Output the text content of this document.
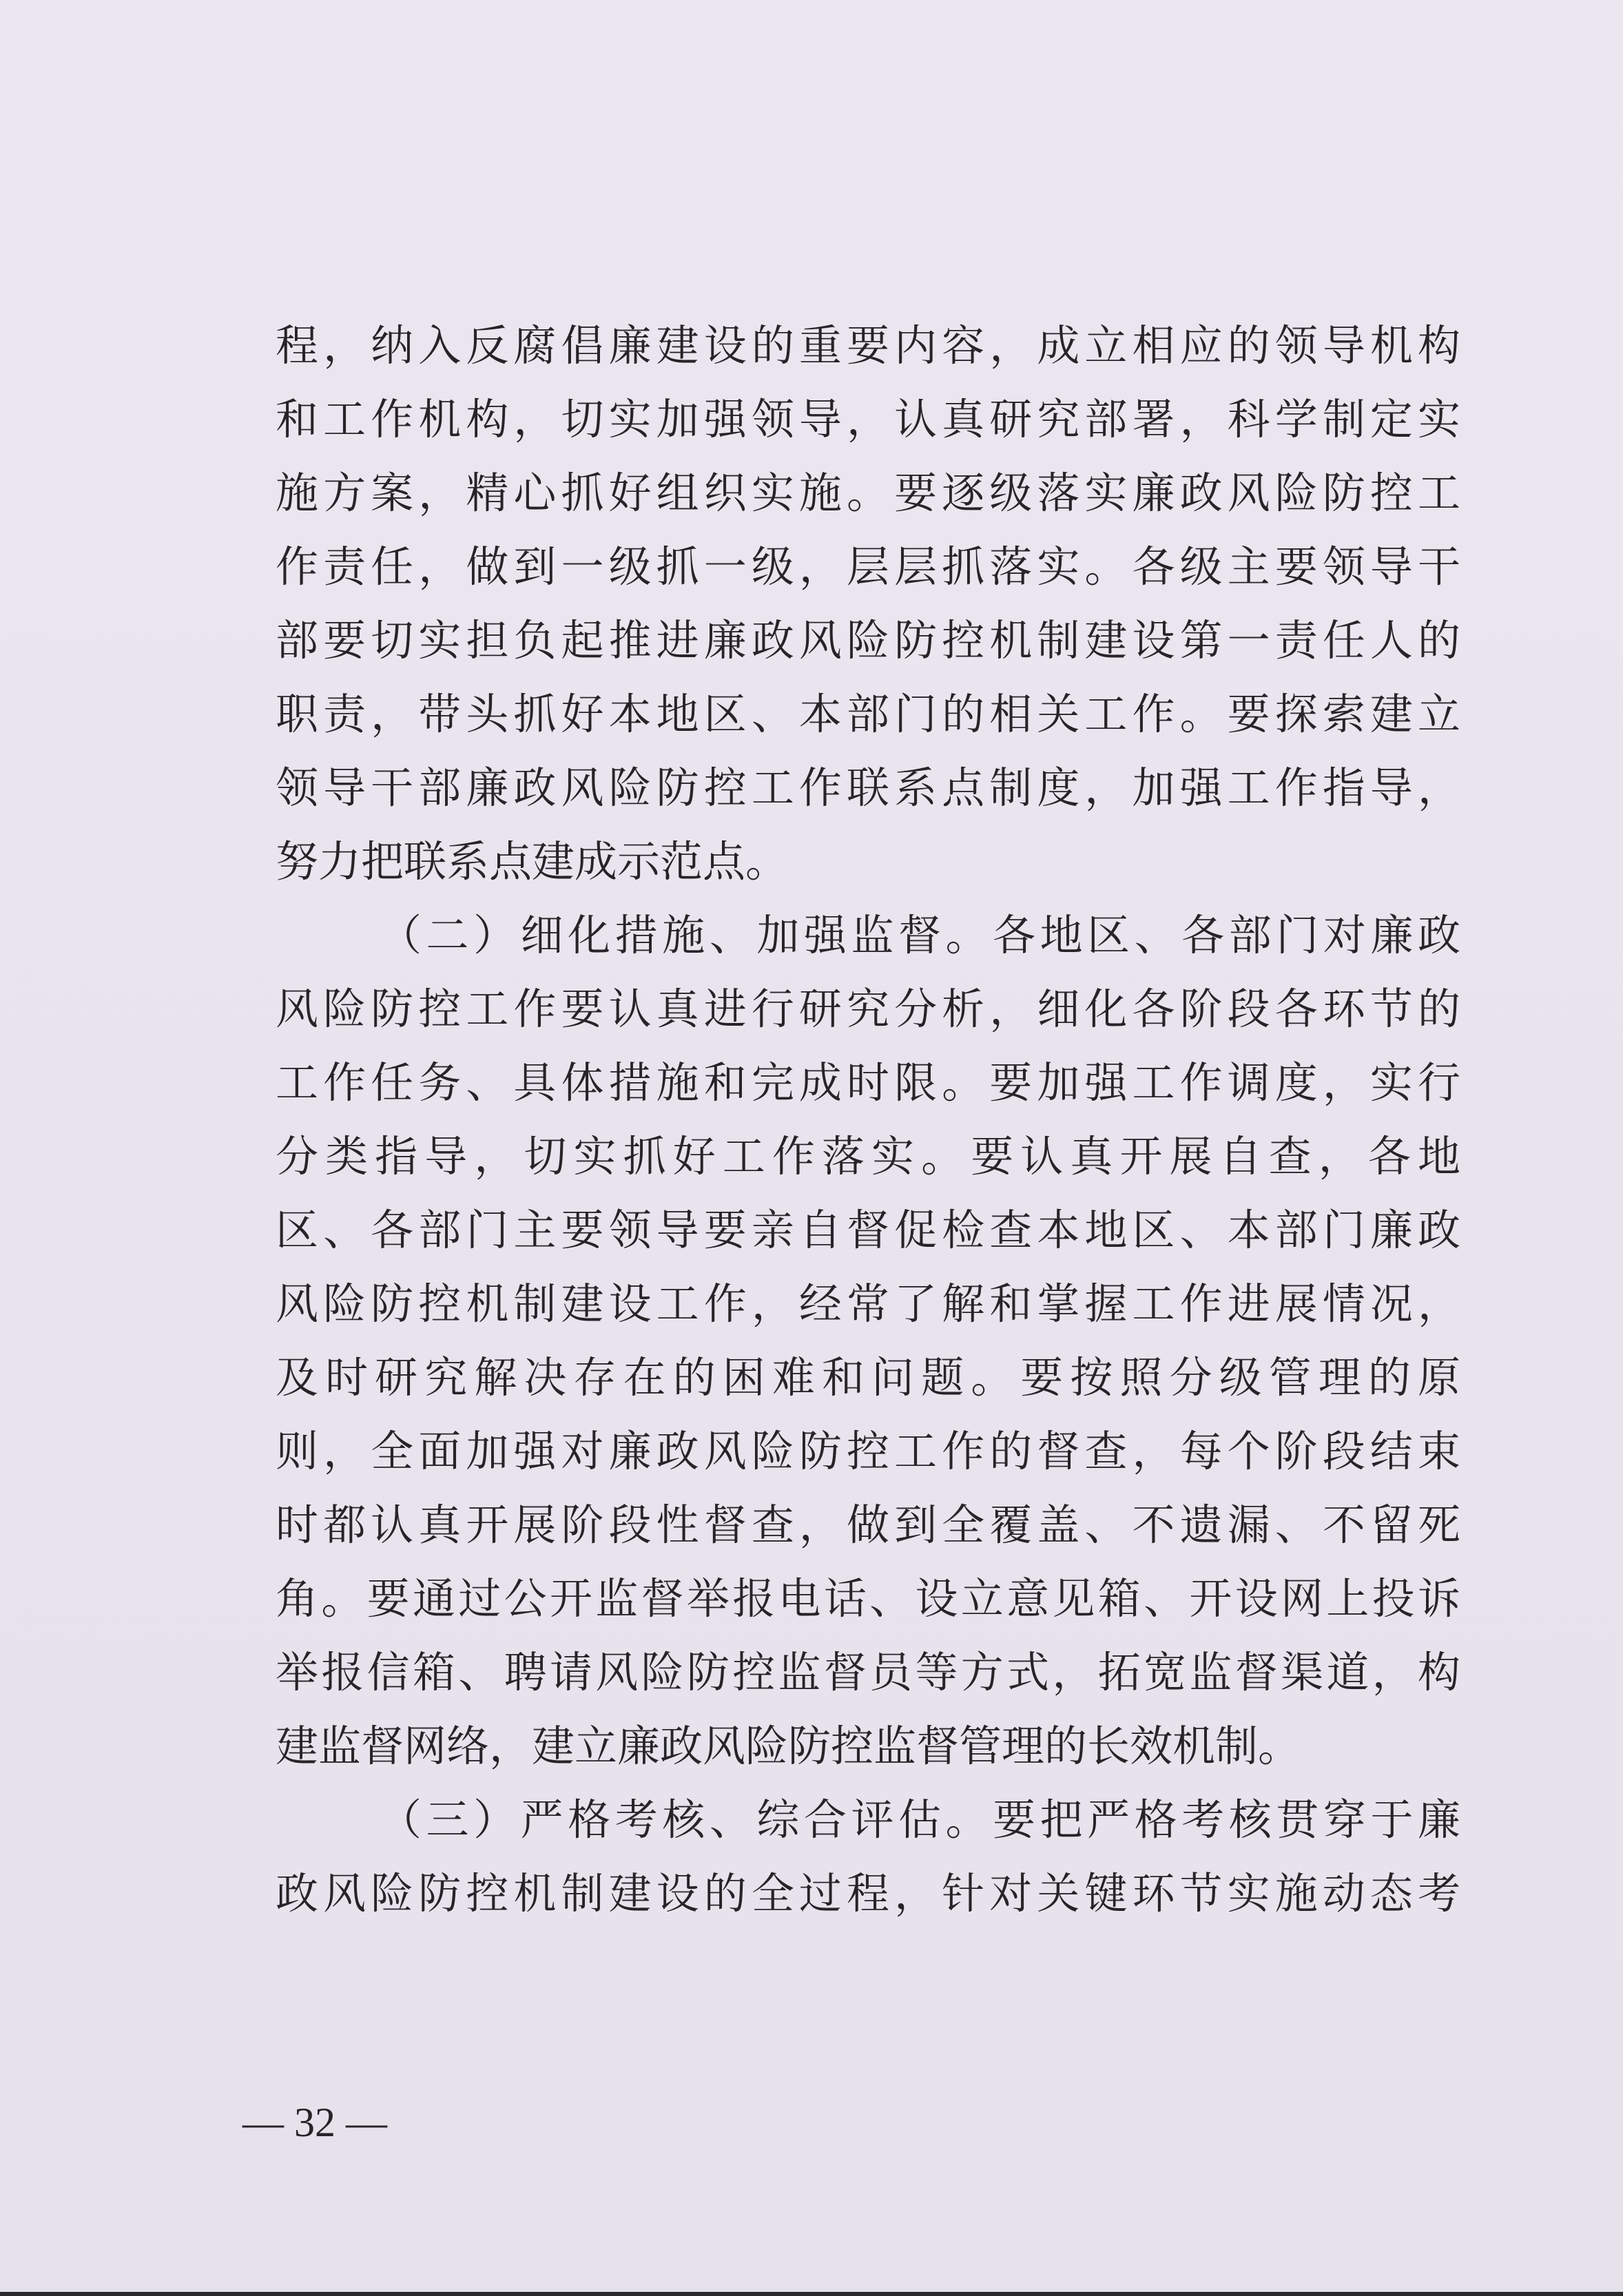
程，纳入反腐倡廉建设的重要内容，成立相应的领导机构
和工作机构，切实加强领导，认真研究部署，科学制定实
施方案，精心抓好组织实施。要逐级落实廉政风险防控工
作责任，做到一级抓一级，层层抓落实。各级主要领导干
部要切实担负起推进廉政风险防控机制建设第一责任人的
职责，带头抓好本地区、本部门的相关工作。要探索建立
领导干部廉政风险防控工作联系点制度，加强工作指导，
努力把联系点建成示范点。
（二）细化措施、加强监督。各地区、各部门对廉政
风险防控工作要认真进行研究分析，细化各阶段各环节的
工作任务、具体措施和完成时限。要加强工作调度，实行
分类指导，切实抓好工作落实。要认真开展自查，各地
区、各部门主要领导要亲自督促检查本地区、本部门廉政
风险防控机制建设工作，经常了解和掌握工作进展情况，
及时研究解决存在的困难和问题。要按照分级管理的原
则，全面加强对廉政风险防控工作的督查，每个阶段结束
时都认真开展阶段性督查，做到全覆盖、不遗漏、不留死
角。要通过公开监督举报电话、设立意见箱、开设网上投诉
举报信箱、聘请风险防控监督员等方式，拓宽监督渠道，构
建监督网络，建立廉政风险防控监督管理的长效机制。
（三）严格考核、综合评估。要把严格考核贯穿于廉
政风险防控机制建设的全过程，针对关键环节实施动态考
— 32 —
